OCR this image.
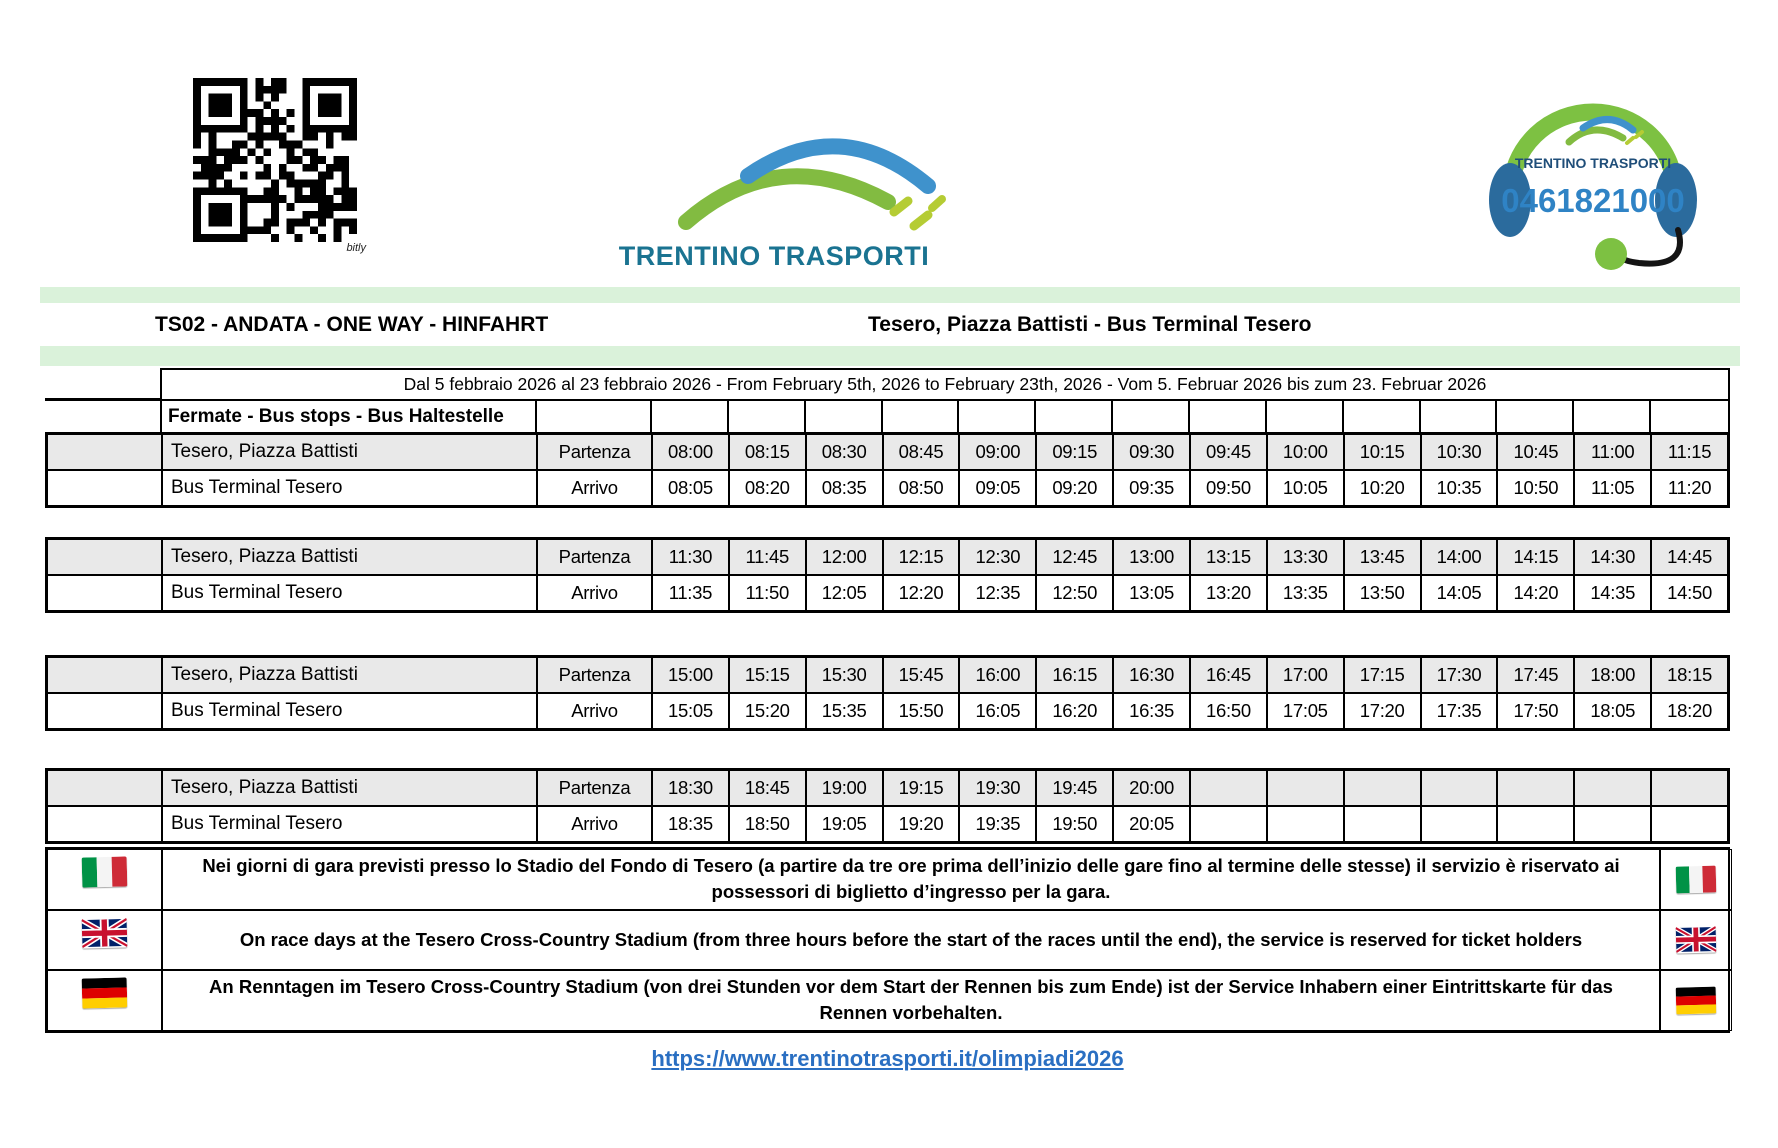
bitly	TRENTINO TRASPORTI
TRENTINO TRASPORTI
0461821000
TS02 - ANDATA - ONE WAY - HINFAHRT	Tesero, Piazza Battisti - Bus Terminal Tesero
Dal 5 febbraio 2026 al 23 febbraio 2026 - From February 5th, 2026 to February 23th, 2026 - Vom 5. Februar 2026 bis zum 23. Februar 2026
Fermate - Bus stops - Bus Haltestelle
Tesero, Piazza Battisti	Partenza	08:00	08:15	08:30	08:45	09:00	09:15	09:30	09:45	10:00	10:15	10:30	10:45	11:00	11:15
Bus Terminal Tesero	Arrivo	08:05	08:20	08:35	08:50	09:05	09:20	09:35	09:50	10:05	10:20	10:35	10:50	11:05	11:20
Tesero, Piazza Battisti	Partenza	11:30	11:45	12:00	12:15	12:30	12:45	13:00	13:15	13:30	13:45	14:00	14:15	14:30	14:45
Bus Terminal Tesero	Arrivo	11:35	11:50	12:05	12:20	12:35	12:50	13:05	13:20	13:35	13:50	14:05	14:20	14:35	14:50
Tesero, Piazza Battisti	Partenza	15:00	15:15	15:30	15:45	16:00	16:15	16:30	16:45	17:00	17:15	17:30	17:45	18:00	18:15
Bus Terminal Tesero	Arrivo	15:05	15:20	15:35	15:50	16:05	16:20	16:35	16:50	17:05	17:20	17:35	17:50	18:05	18:20
Tesero, Piazza Battisti	Partenza	18:30	18:45	19:00	19:15	19:30	19:45	20:00
Bus Terminal Tesero	Arrivo	18:35	18:50	19:05	19:20	19:35	19:50	20:05
Nei giorni di gara previsti presso lo Stadio del Fondo di Tesero (a partire da tre ore prima dell’inizio delle gare fino al termine delle stesse) il servizio è riservato ai possessori di biglietto d’ingresso per la gara.
On race days at the Tesero Cross-Country Stadium (from three hours before the start of the races until the end), the service is reserved for ticket holders
An Renntagen im Tesero Cross-Country Stadium (von drei Stunden vor dem Start der Rennen bis zum Ende) ist der Service Inhabern einer Eintrittskarte für das Rennen vorbehalten.
https://www.trentinotrasporti.it/olimpiadi2026
